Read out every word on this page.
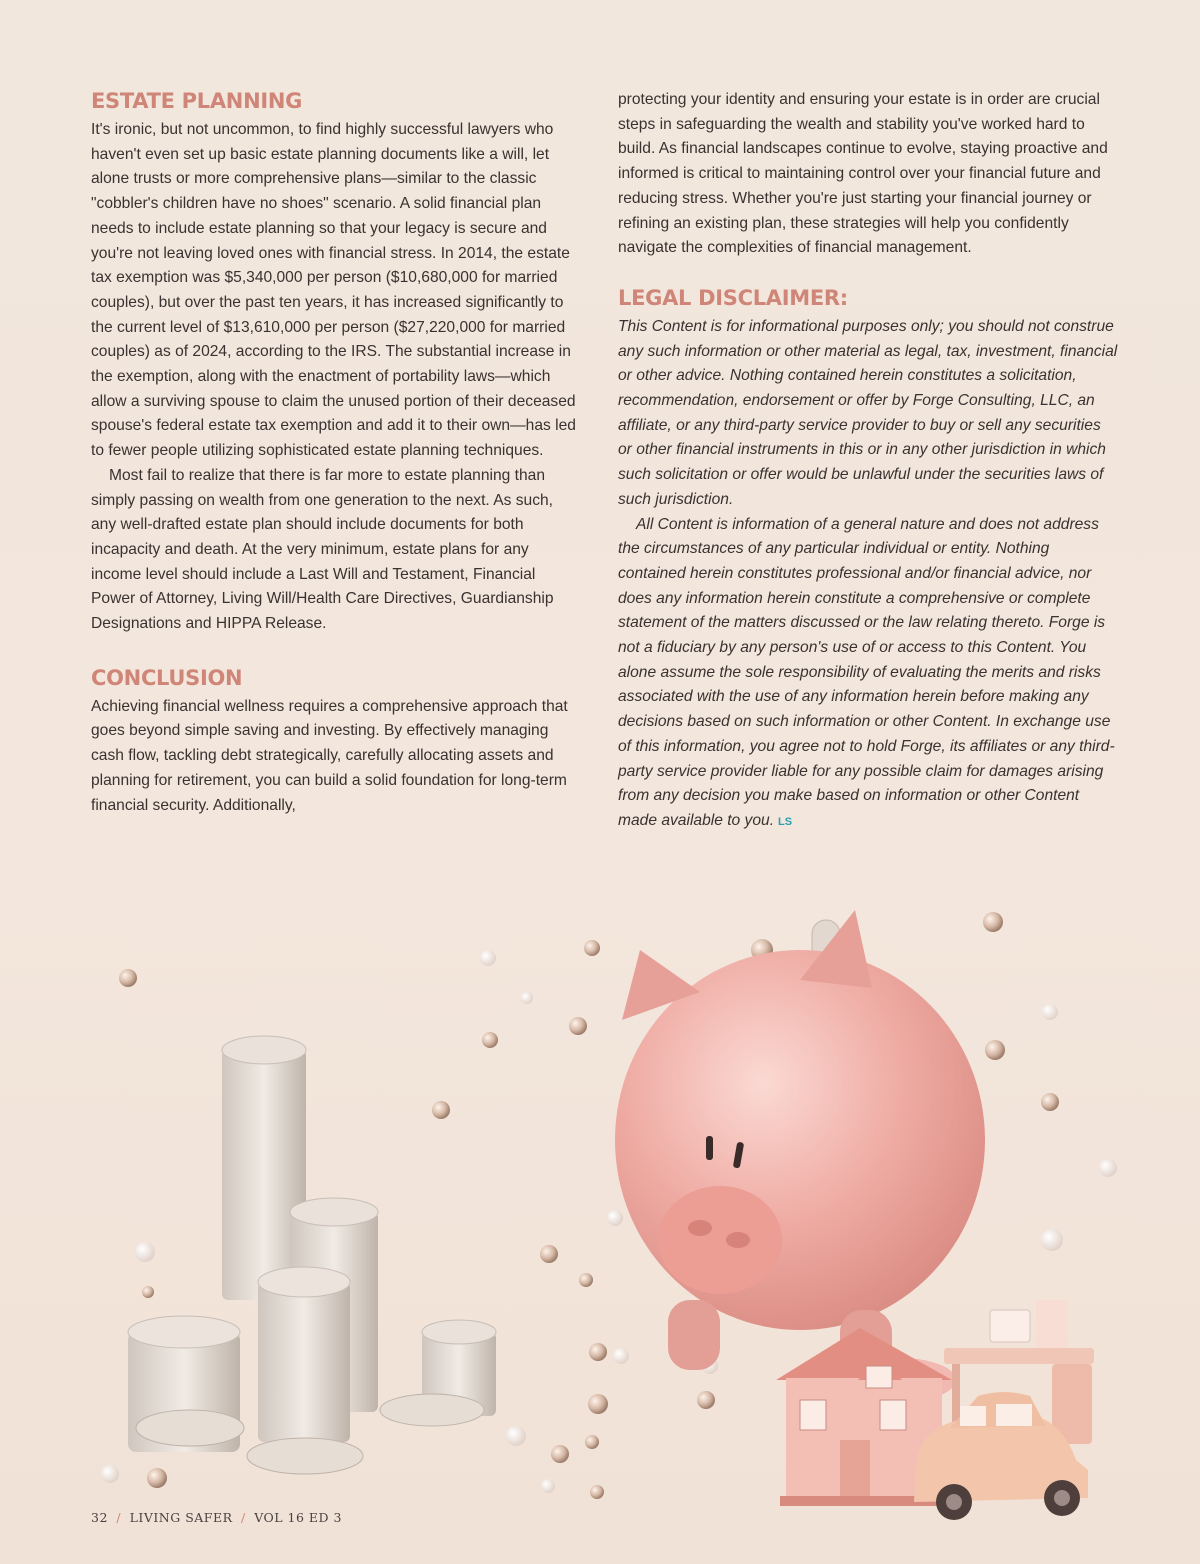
ESTATE PLANNING

It's ironic, but not uncommon, to find highly successful lawyers who haven't even set up basic estate planning documents like a will, let alone trusts or more comprehensive plans—similar to the classic "cobbler's children have no shoes" scenario. A solid financial plan needs to include estate planning so that your legacy is secure and you're not leaving loved ones with financial stress. In 2014, the estate tax exemption was $5,340,000 per person ($10,680,000 for married couples), but over the past ten years, it has increased significantly to the current level of $13,610,000 per person ($27,220,000 for married couples) as of 2024, according to the IRS. The substantial increase in the exemption, along with the enactment of portability laws—which allow a surviving spouse to claim the unused portion of their deceased spouse's federal estate tax exemption and add it to their own—has led to fewer people utilizing sophisticated estate planning techniques.

Most fail to realize that there is far more to estate planning than simply passing on wealth from one generation to the next. As such, any well-drafted estate plan should include documents for both incapacity and death. At the very minimum, estate plans for any income level should include a Last Will and Testament, Financial Power of Attorney, Living Will/Health Care Directives, Guardianship Designations and HIPPA Release.

CONCLUSION

Achieving financial wellness requires a comprehensive approach that goes beyond simple saving and investing. By effectively managing cash flow, tackling debt strategically, carefully allocating assets and planning for retirement, you can build a solid foundation for long-term financial security. Additionally,

protecting your identity and ensuring your estate is in order are crucial steps in safeguarding the wealth and stability you've worked hard to build. As financial landscapes continue to evolve, staying proactive and informed is critical to maintaining control over your financial future and reducing stress. Whether you're just starting your financial journey or refining an existing plan, these strategies will help you confidently navigate the complexities of financial management.

LEGAL DISCLAIMER:

This Content is for informational purposes only; you should not construe any such information or other material as legal, tax, investment, financial or other advice. Nothing contained herein constitutes a solicitation, recommendation, endorsement or offer by Forge Consulting, LLC, an affiliate, or any third-party service provider to buy or sell any securities or other financial instruments in this or in any other jurisdiction in which such solicitation or offer would be unlawful under the securities laws of such jurisdiction.

All Content is information of a general nature and does not address the circumstances of any particular individual or entity. Nothing contained herein constitutes professional and/or financial advice, nor does any information herein constitute a comprehensive or complete statement of the matters discussed or the law relating thereto. Forge is not a fiduciary by any person's use of or access to this Content. You alone assume the sole responsibility of evaluating the merits and risks associated with the use of any information herein before making any decisions based on such information or other Content. In exchange use of this information, you agree not to hold Forge, its affiliates or any third-party service provider liable for any possible claim for damages arising from any decision you make based on information or other Content made available to you. LS

32 / LIVING SAFER / VOL 16 ED 3
